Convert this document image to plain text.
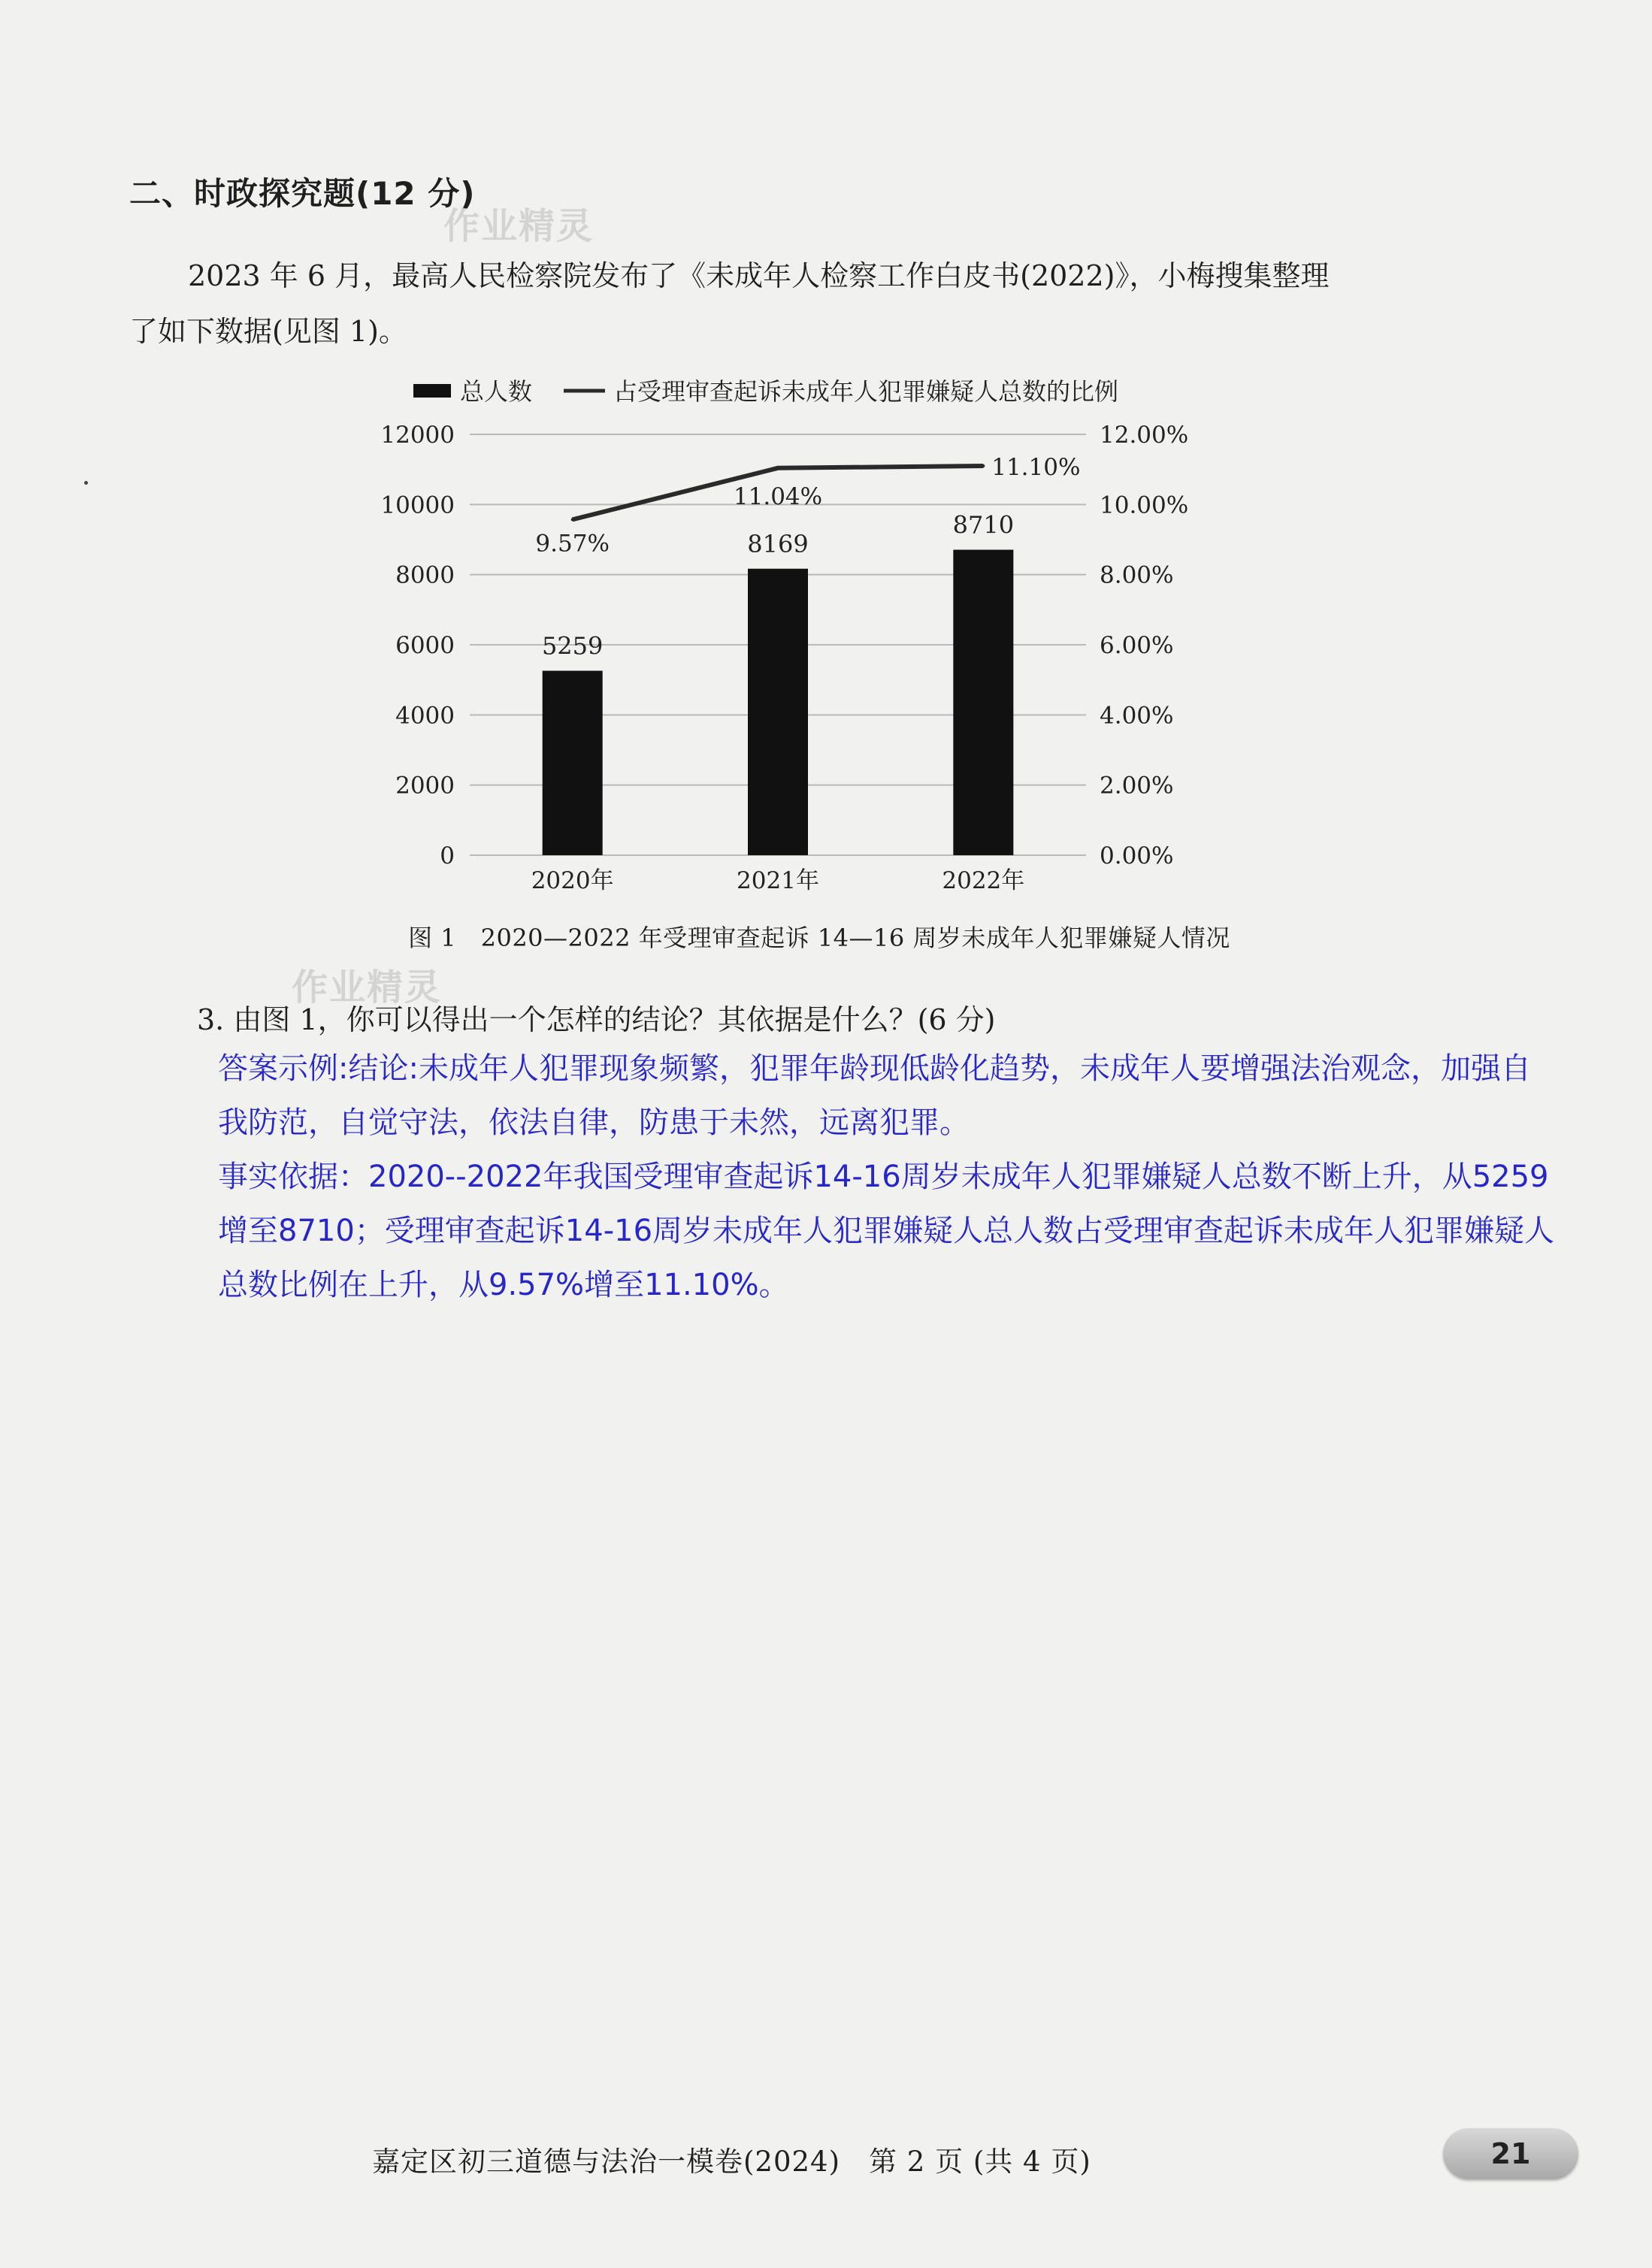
二、时政探究题(12 分)
作业精灵
作业精灵
2023 年 6 月，最高人民检察院发布了《未成年人检察工作白皮书(2022)》，小梅搜集整理
了如下数据(见图 1)。
0	0.00%
2000	2.00%
4000	4.00%
6000	6.00%
8000	8.00%
10000	10.00%
12000	12.00%
5259
2020年
8169
2021年
8710
2022年
9.57%
11.04%
11.10%
总人数	占受理审查起诉未成年人犯罪嫌疑人总数的比例
图 1　2020—2022 年受理审查起诉 14—16 周岁未成年人犯罪嫌疑人情况
3. 由图 1，你可以得出一个怎样的结论？其依据是什么？(6 分)

答案示例:结论:未成年人犯罪现象频繁，犯罪年龄现低龄化趋势，未成年人要增强法治观念，加强自我防范，自觉守法，依法自律，防患于未然，远离犯罪。

事实依据：2020--2022年我国受理审查起诉14-16周岁未成年人犯罪嫌疑人总数不断上升，从5259增至8710；受理审查起诉14-16周岁未成年人犯罪嫌疑人总人数占受理审查起诉未成年人犯罪嫌疑人总数比例在上升，从9.57%增至11.10%。

嘉定区初三道德与法治一模卷(2024)　第 2 页 (共 4 页)	21
